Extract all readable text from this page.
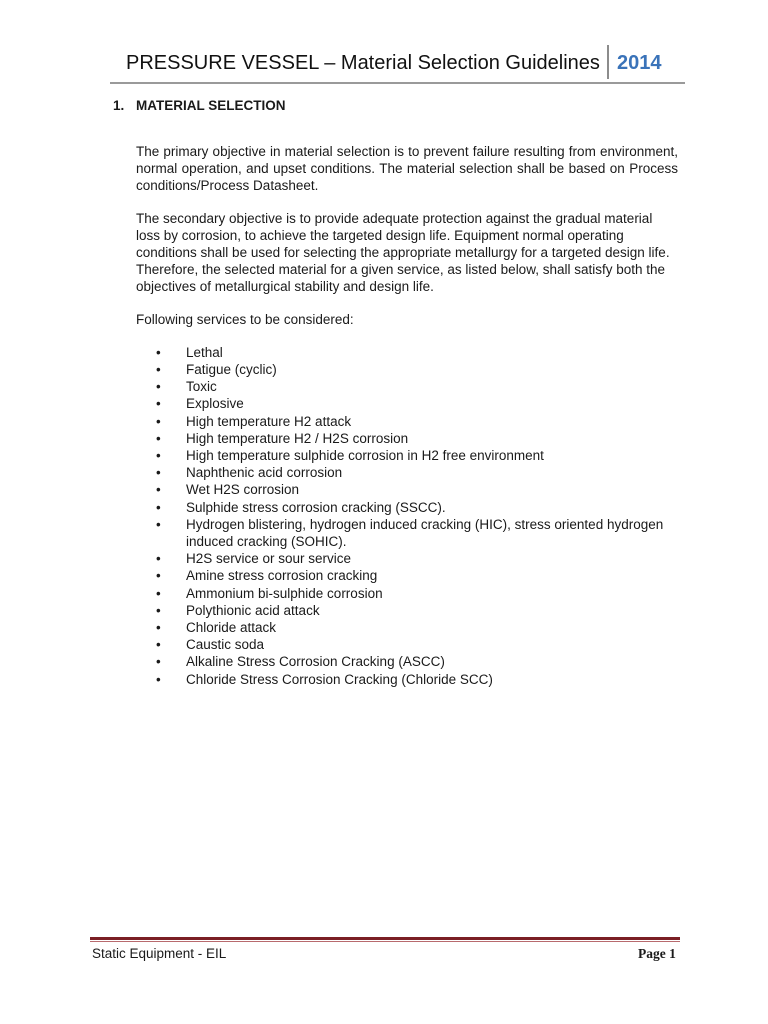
PRESSURE VESSEL – Material Selection Guidelines 2014
1. MATERIAL SELECTION

The primary objective in material selection is to prevent failure resulting from environment, normal operation, and upset conditions. The material selection shall be based on Process conditions/Process Datasheet.

The secondary objective is to provide adequate protection against the gradual material loss by corrosion, to achieve the targeted design life. Equipment normal operating conditions shall be used for selecting the appropriate metallurgy for a targeted design life. Therefore, the selected material for a given service, as listed below, shall satisfy both the objectives of metallurgical stability and design life.

Following services to be considered:

• Lethal
• Fatigue (cyclic)
• Toxic
• Explosive
• High temperature H2 attack
• High temperature H2 / H2S corrosion
• High temperature sulphide corrosion in H2 free environment
• Naphthenic acid corrosion
• Wet H2S corrosion
• Sulphide stress corrosion cracking (SSCC).
• Hydrogen blistering, hydrogen induced cracking (HIC), stress oriented hydrogen induced cracking (SOHIC).
• H2S service or sour service
• Amine stress corrosion cracking
• Ammonium bi-sulphide corrosion
• Polythionic acid attack
• Chloride attack
• Caustic soda
• Alkaline Stress Corrosion Cracking (ASCC)
• Chloride Stress Corrosion Cracking (Chloride SCC)
Static Equipment - EIL	Page 1
